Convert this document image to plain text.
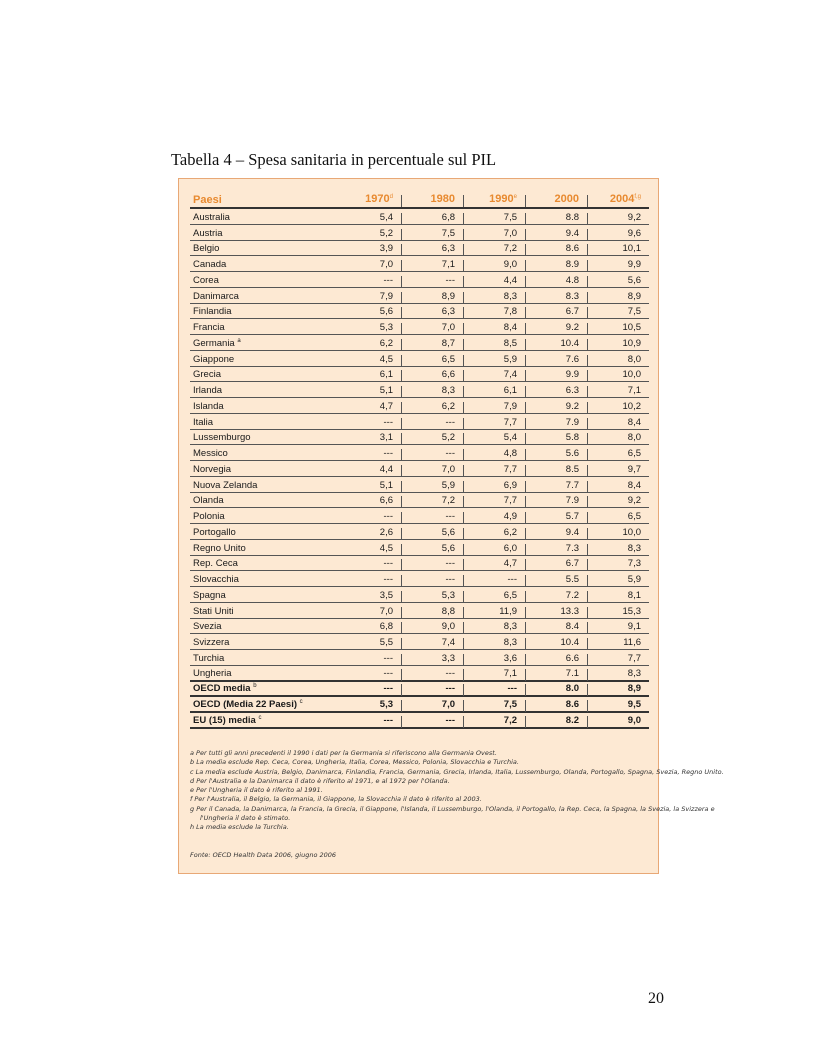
Tabella 4 – Spesa sanitaria in percentuale sul PIL
Paesi	1970$^d$	1980	1990e	2000	2004$^{f,g}$
Australia	5,4	6,8	7,5	8.8	9,2
Austria	5,2	7,5	7,0	9.4	9,6
Belgio	3,9	6,3	7,2	8.6	10,1
Canada	7,0	7,1	9,0	8.9	9,9
Corea	---	---	4,4	4.8	5,6
Danimarca	7,9	8,9	8,3	8.3	8,9
Finlandia	5,6	6,3	7,8	6.7	7,5
Francia	5,3	7,0	8,4	9.2	10,5
Germania $^a$	6,2	8,7	8,5	10.4	10,9
Giappone	4,5	6,5	5,9	7.6	8,0
Grecia	6,1	6,6	7,4	9.9	10,0
Irlanda	5,1	8,3	6,1	6.3	7,1
Islanda	4,7	6,2	7,9	9.2	10,2
Italia	---	---	7,7	7.9	8,4
Lussemburgo	3,1	5,2	5,4	5.8	8,0
Messico	---	---	4,8	5.6	6,5
Norvegia	4,4	7,0	7,7	8.5	9,7
Nuova Zelanda	5,1	5,9	6,9	7.7	8,4
Olanda	6,6	7,2	7,7	7.9	9,2
Polonia	---	---	4,9	5.7	6,5
Portogallo	2,6	5,6	6,2	9.4	10,0
Regno Unito	4,5	5,6	6,0	7.3	8,3
Rep. Ceca	---	---	4,7	6.7	7,3
Slovacchia	---	---	---	5.5	5,9
Spagna	3,5	5,3	6,5	7.2	8,1
Stati Uniti	7,0	8,8	11,9	13.3	15,3
Svezia	6,8	9,0	8,3	8.4	9,1
Svizzera	5,5	7,4	8,3	10.4	11,6
Turchia	---	3,3	3,6	6.6	7,7
Ungheria	---	---	7,1	7.1	8,3
OECD media $^b$	---	---	---	8.0	8,9
OECD (Media 22 Paesi) $^c$	5,3	7,0	7,5	8.6	9,5
EU (15) media $^c$	---	---	7,2	8.2	9,0

a Per tutti gli anni precedenti il 1990 i dati per la Germania si riferiscono alla Germania Ovest.

b La media esclude Rep. Ceca, Corea, Ungheria, Italia, Corea, Messico, Polonia, Slovacchia e Turchia.

c La media esclude Austria, Belgio, Danimarca, Finlandia, Francia, Germania, Grecia, Irlanda, Italia, Lussemburgo, Olanda, Portogallo, Spagna, Svezia, Regno Unito.

d Per l'Australia e la Danimarca il dato è riferito al 1971, e al 1972 per l'Olanda.

e Per l'Ungheria il dato è riferito al 1991.

f Per l'Australia, il Belgio, la Germania, il Giappone, la Slovacchia il dato è riferito al 2003.

g Per il Canada, la Danimarca, la Francia, la Grecia, il Giappone, l'Islanda, il Lussemburgo, l'Olanda, il Portogallo, la Rep. Ceca, la Spagna, la Svezia, la Svizzera e

l'Ungheria il dato è stimato.

h La media esclude la Turchia.

Fonte: OECD Health Data 2006, giugno 2006
20
